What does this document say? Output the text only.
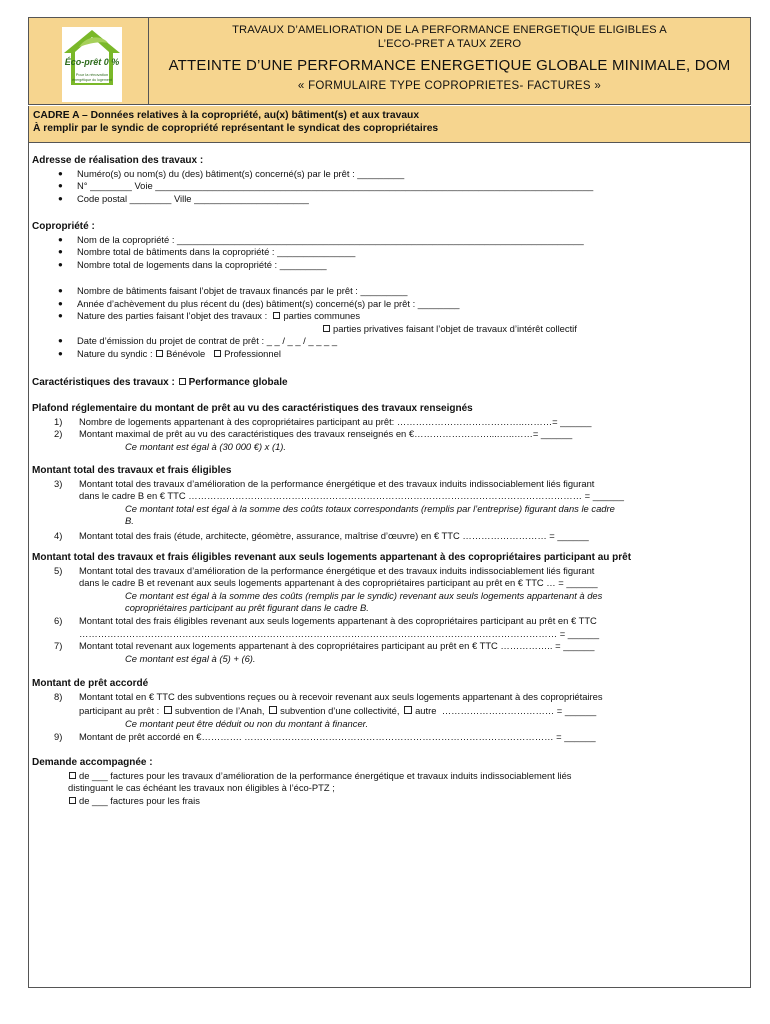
Éco-prêt 0 %
Pour la rénovation
énergétique du logement
TRAVAUX D’AMELIORATION DE LA PERFORMANCE ENERGETIQUE ELIGIBLES A
L’ECO-PRET A TAUX ZERO
ATTEINTE D’UNE PERFORMANCE ENERGETIQUE GLOBALE MINIMALE, DOM
« FORMULAIRE TYPE COPROPRIETES- FACTURES »
CADRE A – Données relatives à la copropriété, au(x) bâtiment(s) et aux travaux
À remplir par le syndic de copropriété représentant le syndicat des copropriétaires
Adresse de réalisation des travaux :
● Numéro(s) ou nom(s) du (des) bâtiment(s) concerné(s) par le prêt : _________
● N° ________ Voie ____________________________________________________________________________________
● Code postal ________ Ville ______________________
Copropriété :
● Nom de la copropriété : ______________________________________________________________________________
● Nombre total de bâtiments dans la copropriété : _______________
● Nombre total de logements dans la copropriété : _________
● Nombre de bâtiments faisant l’objet de travaux financés par le prêt : _________
● Année d’achèvement du plus récent du (des) bâtiment(s) concerné(s) par le prêt : ________
● Nature des parties faisant l’objet des travaux : parties communes
parties privatives faisant l’objet de travaux d’intérêt collectif
● Date d’émission du projet de contrat de prêt : _ _ / _ _ / _ _ _ _
● Nature du syndic : Bénévole Professionnel
Caractéristiques des travaux : Performance globale
Plafond réglementaire du montant de prêt au vu des caractéristiques des travaux renseignés
1) Nombre de logements appartenant à des copropriétaires participant au prêt: …………………………………..………= ______
2) Montant maximal de prêt au vu des caractéristiques des travaux renseignés en €……………………....…..……= ______
Ce montant est égal à (30 000 €) x (1).
Montant total des travaux et frais éligibles
3) Montant total des travaux d’amélioration de la performance énergétique et des travaux induits indissociablement liés figurant
dans le cadre B en € TTC ……………………………………………………………………………………………………………… = ______
Ce montant total est égal à la somme des coûts totaux correspondants (remplis par l’entreprise) figurant dans le cadre
B.
4) Montant total des frais (étude, architecte, géomètre, assurance, maîtrise d’œuvre) en € TTC ……………………… = ______
Montant total des travaux et frais éligibles revenant aux seuls logements appartenant à des copropriétaires participant au prêt
5) Montant total des travaux d’amélioration de la performance énergétique et des travaux induits indissociablement liés figurant
dans le cadre B et revenant aux seuls logements appartenant à des copropriétaires participant au prêt en € TTC … = ______
Ce montant est égal à la somme des coûts (remplis par le syndic) revenant aux seuls logements appartenant à des
copropriétaires participant au prêt figurant dans le cadre B.
6) Montant total des frais éligibles revenant aux seuls logements appartenant à des copropriétaires participant au prêt en € TTC
……………………………………………………………………………………………………………………………………… = ______
7) Montant total revenant aux logements appartenant à des copropriétaires participant au prêt en € TTC …………….. = ______
Ce montant est égal à (5) + (6).
Montant de prêt accordé
8) Montant total en € TTC des subventions reçues ou à recevoir revenant aux seuls logements appartenant à des copropriétaires
participant au prêt : subvention de l’Anah, subvention d’une collectivité, autre ……………………………… = ______
Ce montant peut être déduit ou non du montant à financer.
9) Montant de prêt accordé en €…………. ……………………………………………………………………………………… = ______
Demande accompagnée :
de ___ factures pour les travaux d’amélioration de la performance énergétique et travaux induits indissociablement liés
distinguant le cas échéant les travaux non éligibles à l’éco-PTZ ;
de ___ factures pour les frais
